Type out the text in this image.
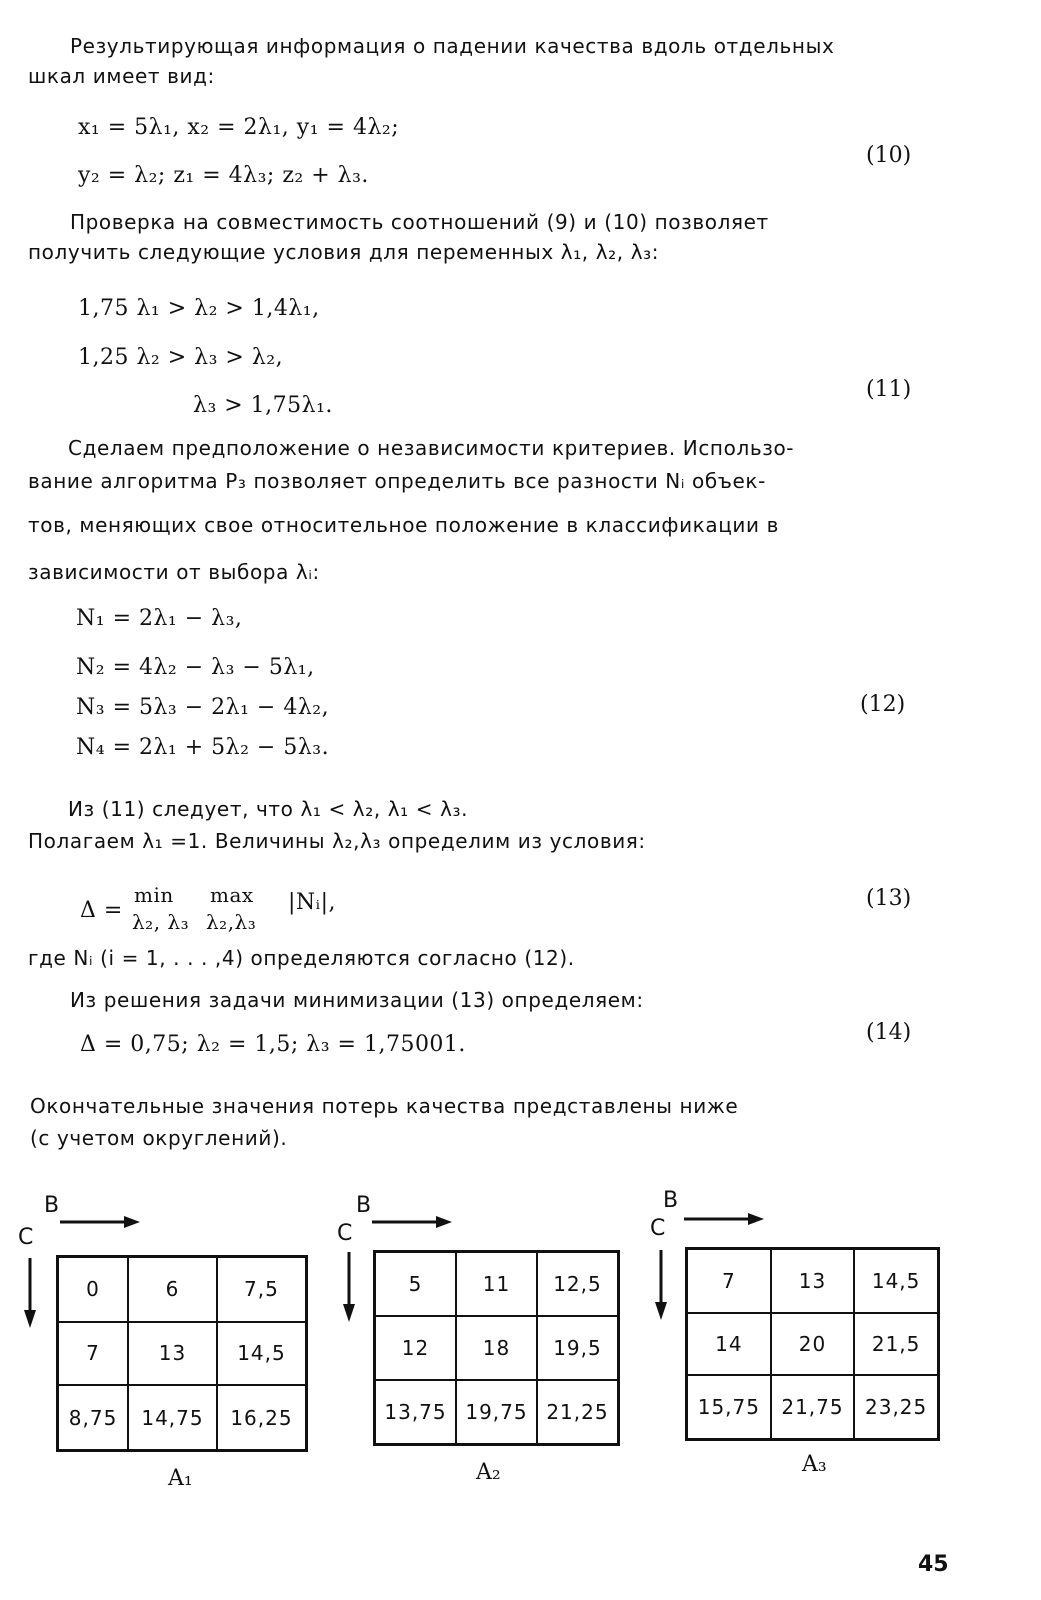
Результирующая информация о падении качества вдоль отдельных
шкал имеет вид:
x₁ = 5λ₁, x₂ = 2λ₁, y₁ = 4λ₂;
y₂ = λ₂; z₁ = 4λ₃; z₂ + λ₃.
(10)
Проверка на совместимость соотношений (9) и (10) позволяет
получить следующие условия для переменных λ₁, λ₂, λ₃:
1,75 λ₁ > λ₂ > 1,4λ₁,
1,25 λ₂ > λ₃ > λ₂,
λ₃ > 1,75λ₁.
(11)
Сделаем предположение о независимости критериев. Использо-
вание алгоритма P₃ позволяет определить все разности Nᵢ объек-
тов, меняющих свое относительное положение в классификации в
зависимости от выбора λᵢ:
N₁ = 2λ₁ − λ₃,
N₂ = 4λ₂ − λ₃ − 5λ₁,
N₃ = 5λ₃ − 2λ₁ − 4λ₂,
N₄ = 2λ₁ + 5λ₂ − 5λ₃.
(12)
Из (11) следует, что λ₁ < λ₂, λ₁ < λ₃.
Полагаем λ₁ =1. Величины λ₂,λ₃ определим из условия:
Δ =
min max
λ₂, λ₃ λ₂,λ₃
|Nᵢ|,	(13)
где Nᵢ (i = 1, . . . ,4) определяются согласно (12).
Из решения задачи минимизации (13) определяем:
Δ = 0,75; λ₂ = 1,5; λ₃ = 1,75001.	(14)
Окончательные значения потерь качества представлены ниже
(с учетом округлений).
B
C
0	6	7,5
7	13	14,5
8,75	14,75	16,25
A₁
B
C
5	11	12,5
12	18	19,5
13,75	19,75	21,25
A₂
B
C
7	13	14,5
14	20	21,5
15,75	21,75	23,25
A₃
45
